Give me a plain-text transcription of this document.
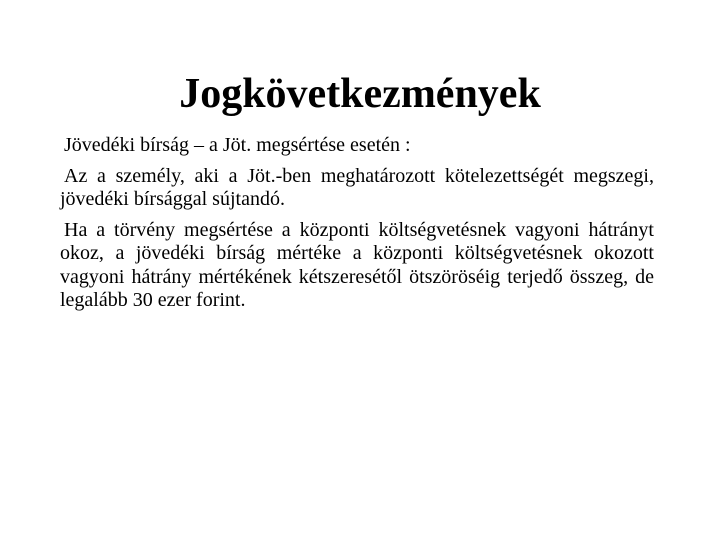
Jogkövetkezmények

Jövedéki bírság – a Jöt. megsértése esetén :

Az a személy, aki a Jöt.-ben meghatározott kötelezettségét megszegi, jövedéki bírsággal sújtandó.

Ha a törvény megsértése a központi költségvetésnek vagyoni hátrányt okoz, a jövedéki bírság mértéke a központi költségvetésnek okozott vagyoni hátrány mértékének kétszeresétől ötszöröséig terjedő összeg, de legalább 30 ezer forint.
